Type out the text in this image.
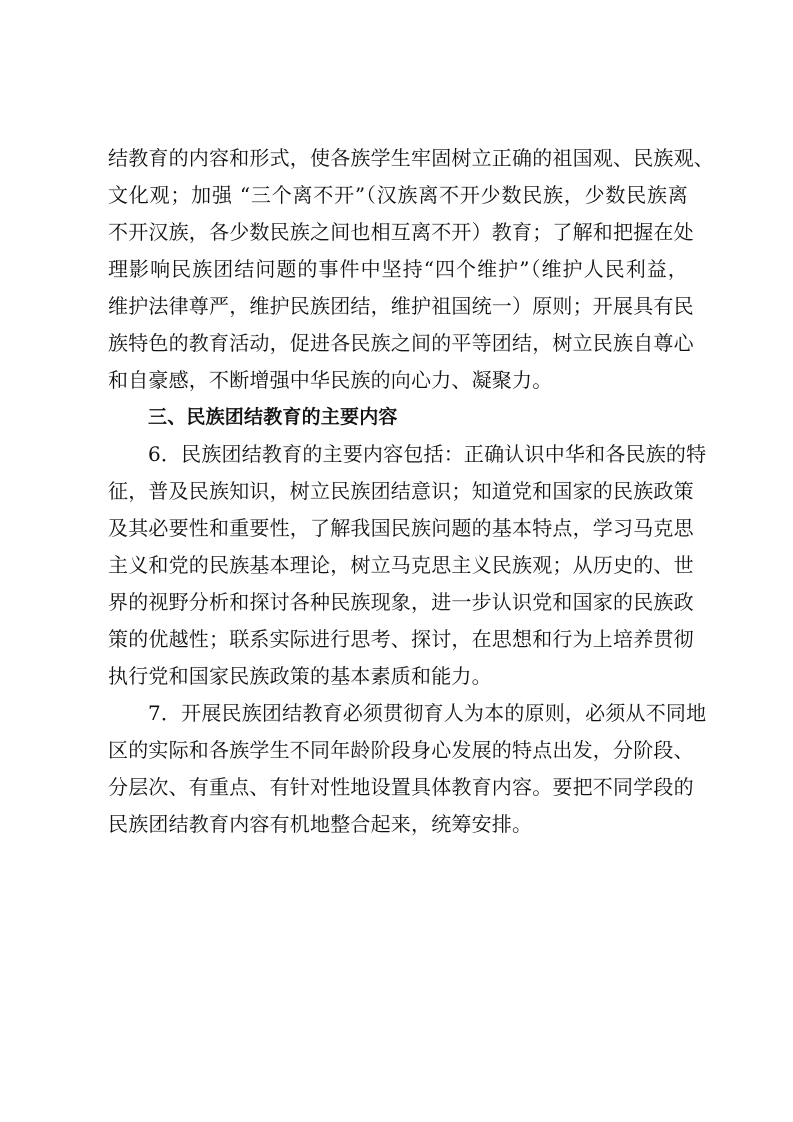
结教育的内容和形式，使各族学生牢固树立正确的祖国观、民族观、
文化观；加强 “三个离不开”（汉族离不开少数民族，少数民族离
不开汉族，各少数民族之间也相互离不开）教育；了解和把握在处
理影响民族团结问题的事件中坚持“四个维护”（维护人民利益，
维护法律尊严，维护民族团结，维护祖国统一）原则；开展具有民
族特色的教育活动，促进各民族之间的平等团结，树立民族自尊心
和自豪感，不断增强中华民族的向心力、凝聚力。
三、民族团结教育的主要内容
6．民族团结教育的主要内容包括：正确认识中华和各民族的特
征，普及民族知识，树立民族团结意识；知道党和国家的民族政策
及其必要性和重要性，了解我国民族问题的基本特点，学习马克思
主义和党的民族基本理论，树立马克思主义民族观；从历史的、世
界的视野分析和探讨各种民族现象，进一步认识党和国家的民族政
策的优越性；联系实际进行思考、探讨，在思想和行为上培养贯彻
执行党和国家民族政策的基本素质和能力。
7．开展民族团结教育必须贯彻育人为本的原则，必须从不同地
区的实际和各族学生不同年龄阶段身心发展的特点出发，分阶段、
分层次、有重点、有针对性地设置具体教育内容。要把不同学段的
民族团结教育内容有机地整合起来，统筹安排。
